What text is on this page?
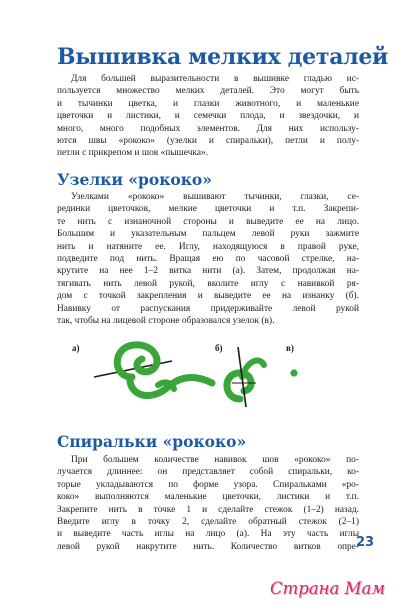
Вышивка мелких деталей
Для большей выразительности в вышивке гладью ис-
пользуется множество мелких деталей. Это могут быть
и тычинки цветка, и глазки животного, и маленькие
цветочки и листики, и семечки плода, и звездочки, и
много, много подобных элементов. Для них использу-
ются швы «рококо» (узелки и спиральки), петли и полу-
петли с прикрепом и шов «пышечка».
Узелки «рококо»
Узелками «рококо» вышивают тычинки, глазки, се-
рединки цветочков, мелкие цветочки и т.п. Закрепи-
те нить с изнаночной стороны и выведите ее на лицо.
Большим и указательным пальцем левой руки зажмите
нить и натяните ее. Иглу, находящуюся в правой руке,
подведите под нить. Вращая ею по часовой стрелке, на-
крутите на нее 1–2 витка нити (а). Затем, продолжая на-
тягивать нить левой рукой, вколите иглу с навивкой ря-
дом с точкой закрепления и выведите ее на изнанку (б).
Навивку от распускания придерживайте левой рукой
так, чтобы на лицевой стороне образовался узелок (в).
а)	б)	в)
Спиральки «рококо»
При большем количестве навивок шов «рококо» по-
лучается длиннее: он представляет собой спиральки, ко-
торые укладываются по форме узора. Спиральками «ро-
коко» выполняются маленькие цветочки, листики и т.п.
Закрепите нить в точке 1 и сделайте стежок (1–2) назад.
Введите иглу в точку 2, сделайте обратный стежок (2–1)
и выведите часть иглы на лицо (а). На эту часть иглы
левой рукой накрутите нить. Количество витков опре-
23
Страна Мам
